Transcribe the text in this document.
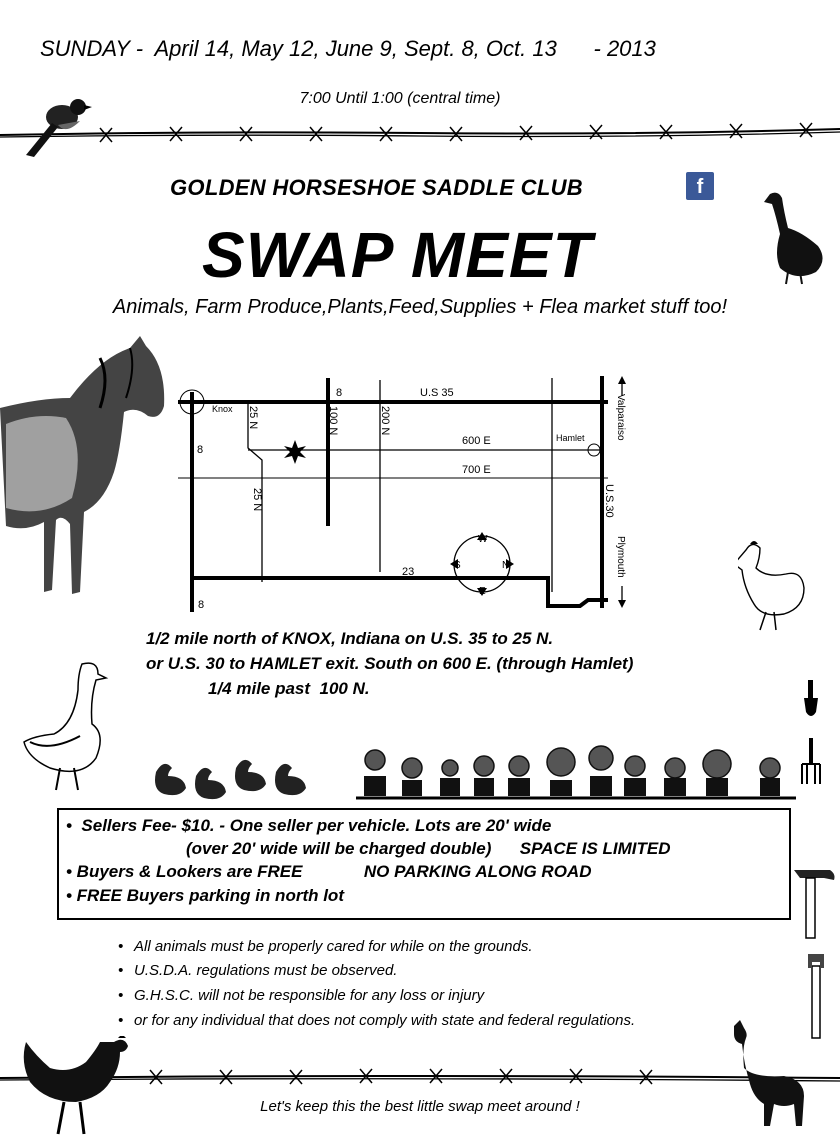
SUNDAY -  April 14, May 12, June 9, Sept. 8, Oct. 13      - 2013
7:00 Until 1:00 (central time)
GOLDEN HORSESHOE SADDLE CLUB	f
SWAP MEET
Animals, Farm Produce,Plants,Feed,Supplies + Flea market stuff too!
Knox
Hamlet
U.S 35
600 E
700 E
23
8
8
8
25 N
25 N
100 N	200 N
U.S.30
Valparaiso
Plymouth
W
S	N
E
1/2 mile north of KNOX, Indiana on U.S. 35 to 25 N.
or U.S. 30 to HAMLET exit. South on 600 E. (through Hamlet)
1/4 mile past  100 N.
•  Sellers Fee- $10. - One seller per vehicle. Lots are 20' wide
(over 20' wide will be charged double)      SPACE IS LIMITED
• Buyers & Lookers are FREE             NO PARKING ALONG ROAD
• FREE Buyers parking in north lot
• All animals must be properly cared for while on the grounds.
• U.S.D.A. regulations must be observed.
• G.H.S.C. will not be responsible for any loss or injury
• or for any individual that does not comply with state and federal regulations.
Let's keep this the best little swap meet around !
